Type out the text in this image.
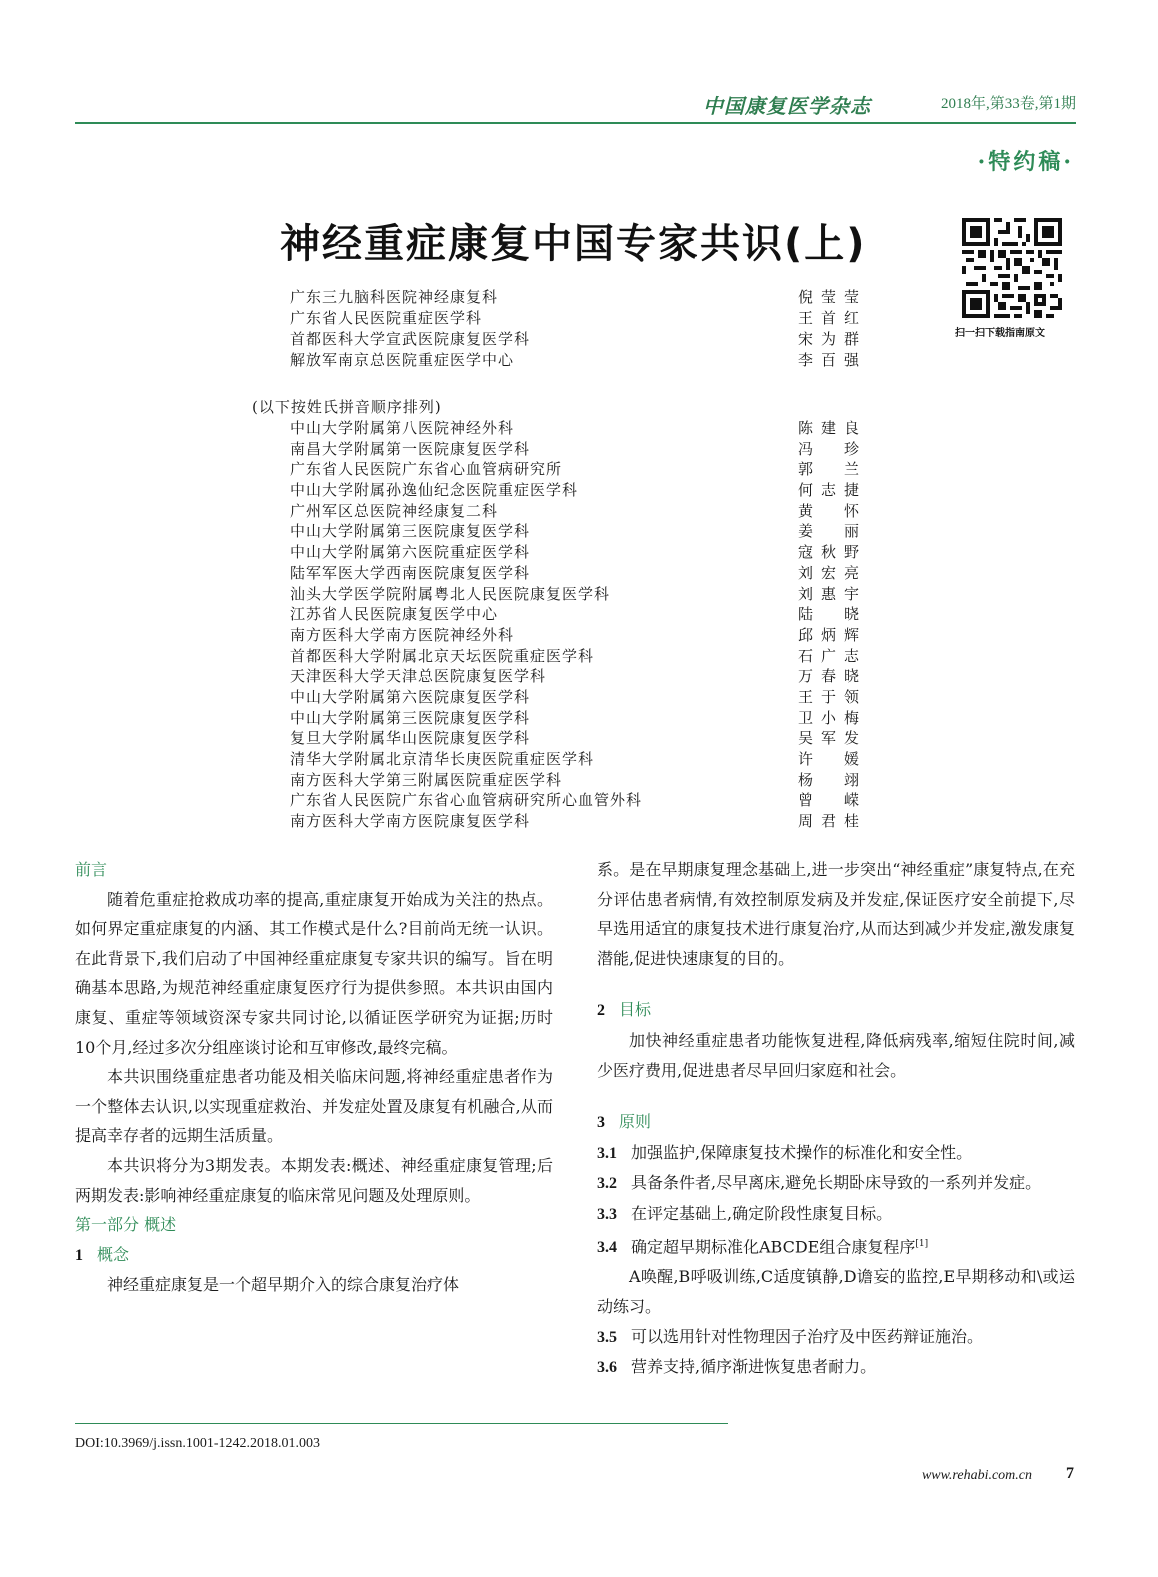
中国康复医学杂志	2018年,第33卷,第1期
·特约稿·
神经重症康复中国专家共识(上)
扫一扫下载指南原文
广东三九脑科医院神经康复科	倪莹莹
广东省人民医院重症医学科	王首红
首都医科大学宣武医院康复医学科	宋为群
解放军南京总医院重症医学中心	李百强
(以下按姓氏拼音顺序排列)
中山大学附属第八医院神经外科	陈建良
南昌大学附属第一医院康复医学科	冯 珍
广东省人民医院广东省心血管病研究所	郭 兰
中山大学附属孙逸仙纪念医院重症医学科	何志捷
广州军区总医院神经康复二科	黄 怀
中山大学附属第三医院康复医学科	姜 丽
中山大学附属第六医院重症医学科	寇秋野
陆军军医大学西南医院康复医学科	刘宏亮
汕头大学医学院附属粤北人民医院康复医学科	刘惠宇
江苏省人民医院康复医学中心	陆 晓
南方医科大学南方医院神经外科	邱炳辉
首都医科大学附属北京天坛医院重症医学科	石广志
天津医科大学天津总医院康复医学科	万春晓
中山大学附属第六医院康复医学科	王于领
中山大学附属第三医院康复医学科	卫小梅
复旦大学附属华山医院康复医学科	吴军发
清华大学附属北京清华长庚医院重症医学科	许 媛
南方医科大学第三附属医院重症医学科	杨 翊
广东省人民医院广东省心血管病研究所心血管外科	曾 嵘
南方医科大学南方医院康复医学科	周君桂

前言

随着危重症抢救成功率的提高,重症康复开始成为关注的热点。如何界定重症康复的内涵、其工作模式是什么?目前尚无统一认识。在此背景下,我们启动了中国神经重症康复专家共识的编写。旨在明确基本思路,为规范神经重症康复医疗行为提供参照。本共识由国内康复、重症等领域资深专家共同讨论,以循证医学研究为证据;历时10个月,经过多次分组座谈讨论和互审修改,最终完稿。

本共识围绕重症患者功能及相关临床问题,将神经重症患者作为一个整体去认识,以实现重症救治、并发症处置及康复有机融合,从而提高幸存者的远期生活质量。

本共识将分为3期发表。本期发表:概述、神经重症康复管理;后两期发表:影响神经重症康复的临床常见问题及处理原则。

第一部分 概述

1 概念

神经重症康复是一个超早期介入的综合康复治疗体

系。是在早期康复理念基础上,进一步突出“神经重症”康复特点,在充分评估患者病情,有效控制原发病及并发症,保证医疗安全前提下,尽早选用适宜的康复技术进行康复治疗,从而达到减少并发症,激发康复潜能,促进快速康复的目的。

2 目标

加快神经重症患者功能恢复进程,降低病残率,缩短住院时间,减少医疗费用,促进患者尽早回归家庭和社会。

3 原则

3.1 加强监护,保障康复技术操作的标准化和安全性。

3.2 具备条件者,尽早离床,避免长期卧床导致的一系列并发症。

3.3 在评定基础上,确定阶段性康复目标。

3.4 确定超早期标准化ABCDE组合康复程序[1]

A唤醒,B呼吸训练,C适度镇静,D谵妄的监控,E早期移动和\或运动练习。

3.5 可以选用针对性物理因子治疗及中医药辩证施治。

3.6 营养支持,循序渐进恢复患者耐力。

DOI:10.3969/j.issn.1001-1242.2018.01.003
www.rehabi.com.cn 7
